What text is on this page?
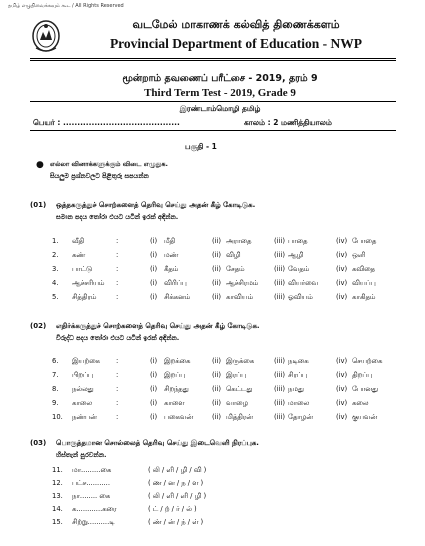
தமிழ் எழுதிவைக்கவும் கூட / All Rights Reserved
வடமேல் மாகாணக் கல்வித் திணைக்களம்
Provincial Department of Education - NWP
மூன்றாம் தவணைப் பரீட்சை - 2019, தரம் 9
Third Term Test - 2019, Grade 9
இரண்டாம்மொழி தமிழ்
பெயர் : .........................................	காலம் : 2 மணித்தியாலம்
பகுதி - 1
● எல்லா வினாக்களுக்கும் விடை எழுதுக.
සියලුම ප්‍රශ්නවලට පිළිතුරු සපයන්න
(01) ஒத்தகருத்துச் சொற்களைத் தெரிவு செய்து அதன் கீழ் கோடிடுக.
සමාන පදය තෝරා එයට යටින් ඉරක් අඳින්න.
1. வீதி	:	(i) மீதி	(ii) அராதை	(iii) பாதை	(iv) போதை
2. கண்	:	(i) மண்	(ii) விழி	(iii) ஆழி	(iv) ஒளி
3. பாட்டு	:	(i) கீதம்	(ii) சேதம்	(iii) வேதம்	(iv) கவிதை
4. ஆச்சரியம் :	(i) விரிப்பு	(ii) ஆச்சிரமம் (iii) வியர்வை	(iv) வியப்பு
5. சித்திரம்	:	(i) சிக்கனம்	(ii) காவியம்	(iii) ஓவியம்	(iv) காகிதம்
(02) எதிர்க்கருத்துச் சொற்களைத் தெரிவு செய்து அதன் கீழ் கோடிடுக.
විරුද්ධ පදය තෝරා එයට යටින් ඉරක් අඳින්න.
6. இயற்கை :	(i) இறக்கை	(ii) இருக்கை	(iii) நடிகை	(iv) செயற்கை
7. பிறப்பு	:	(i) இறப்பு	(ii) இரப்பு	(iii) சிரப்பு	(iv) திறப்பு
8. நல்லது	:	(i) சிறந்தது	(ii) கெட்டது	(iii) நமது	(iv) போனது
9. காலை	:	(i) காளை	(ii) வாழை	(iii) மாலை	(iv) கலை
10. நண்பன்	:	(i) பகைவன்	(ii) மித்திரன்	(iii) தோழன்	(iv) குயவன்
(03) பொருத்தமான சொல்லைத் தெரிவு செய்து இடைவெளி நிரப்புக.
හිස්තැන් පුරවන්න.
11. மா.........கை	( லி / ளி / ழி / வி )
12. பட்ச...........	( ண / ன / ந / ள )
13. நா........ கை	( லி / ளி / ளி / ழி )
14. க............கரை	( ட் / ற் / ர் / ல் )
15. சிற்று..........டி	( ண் / ன் / ந் / ள் )
